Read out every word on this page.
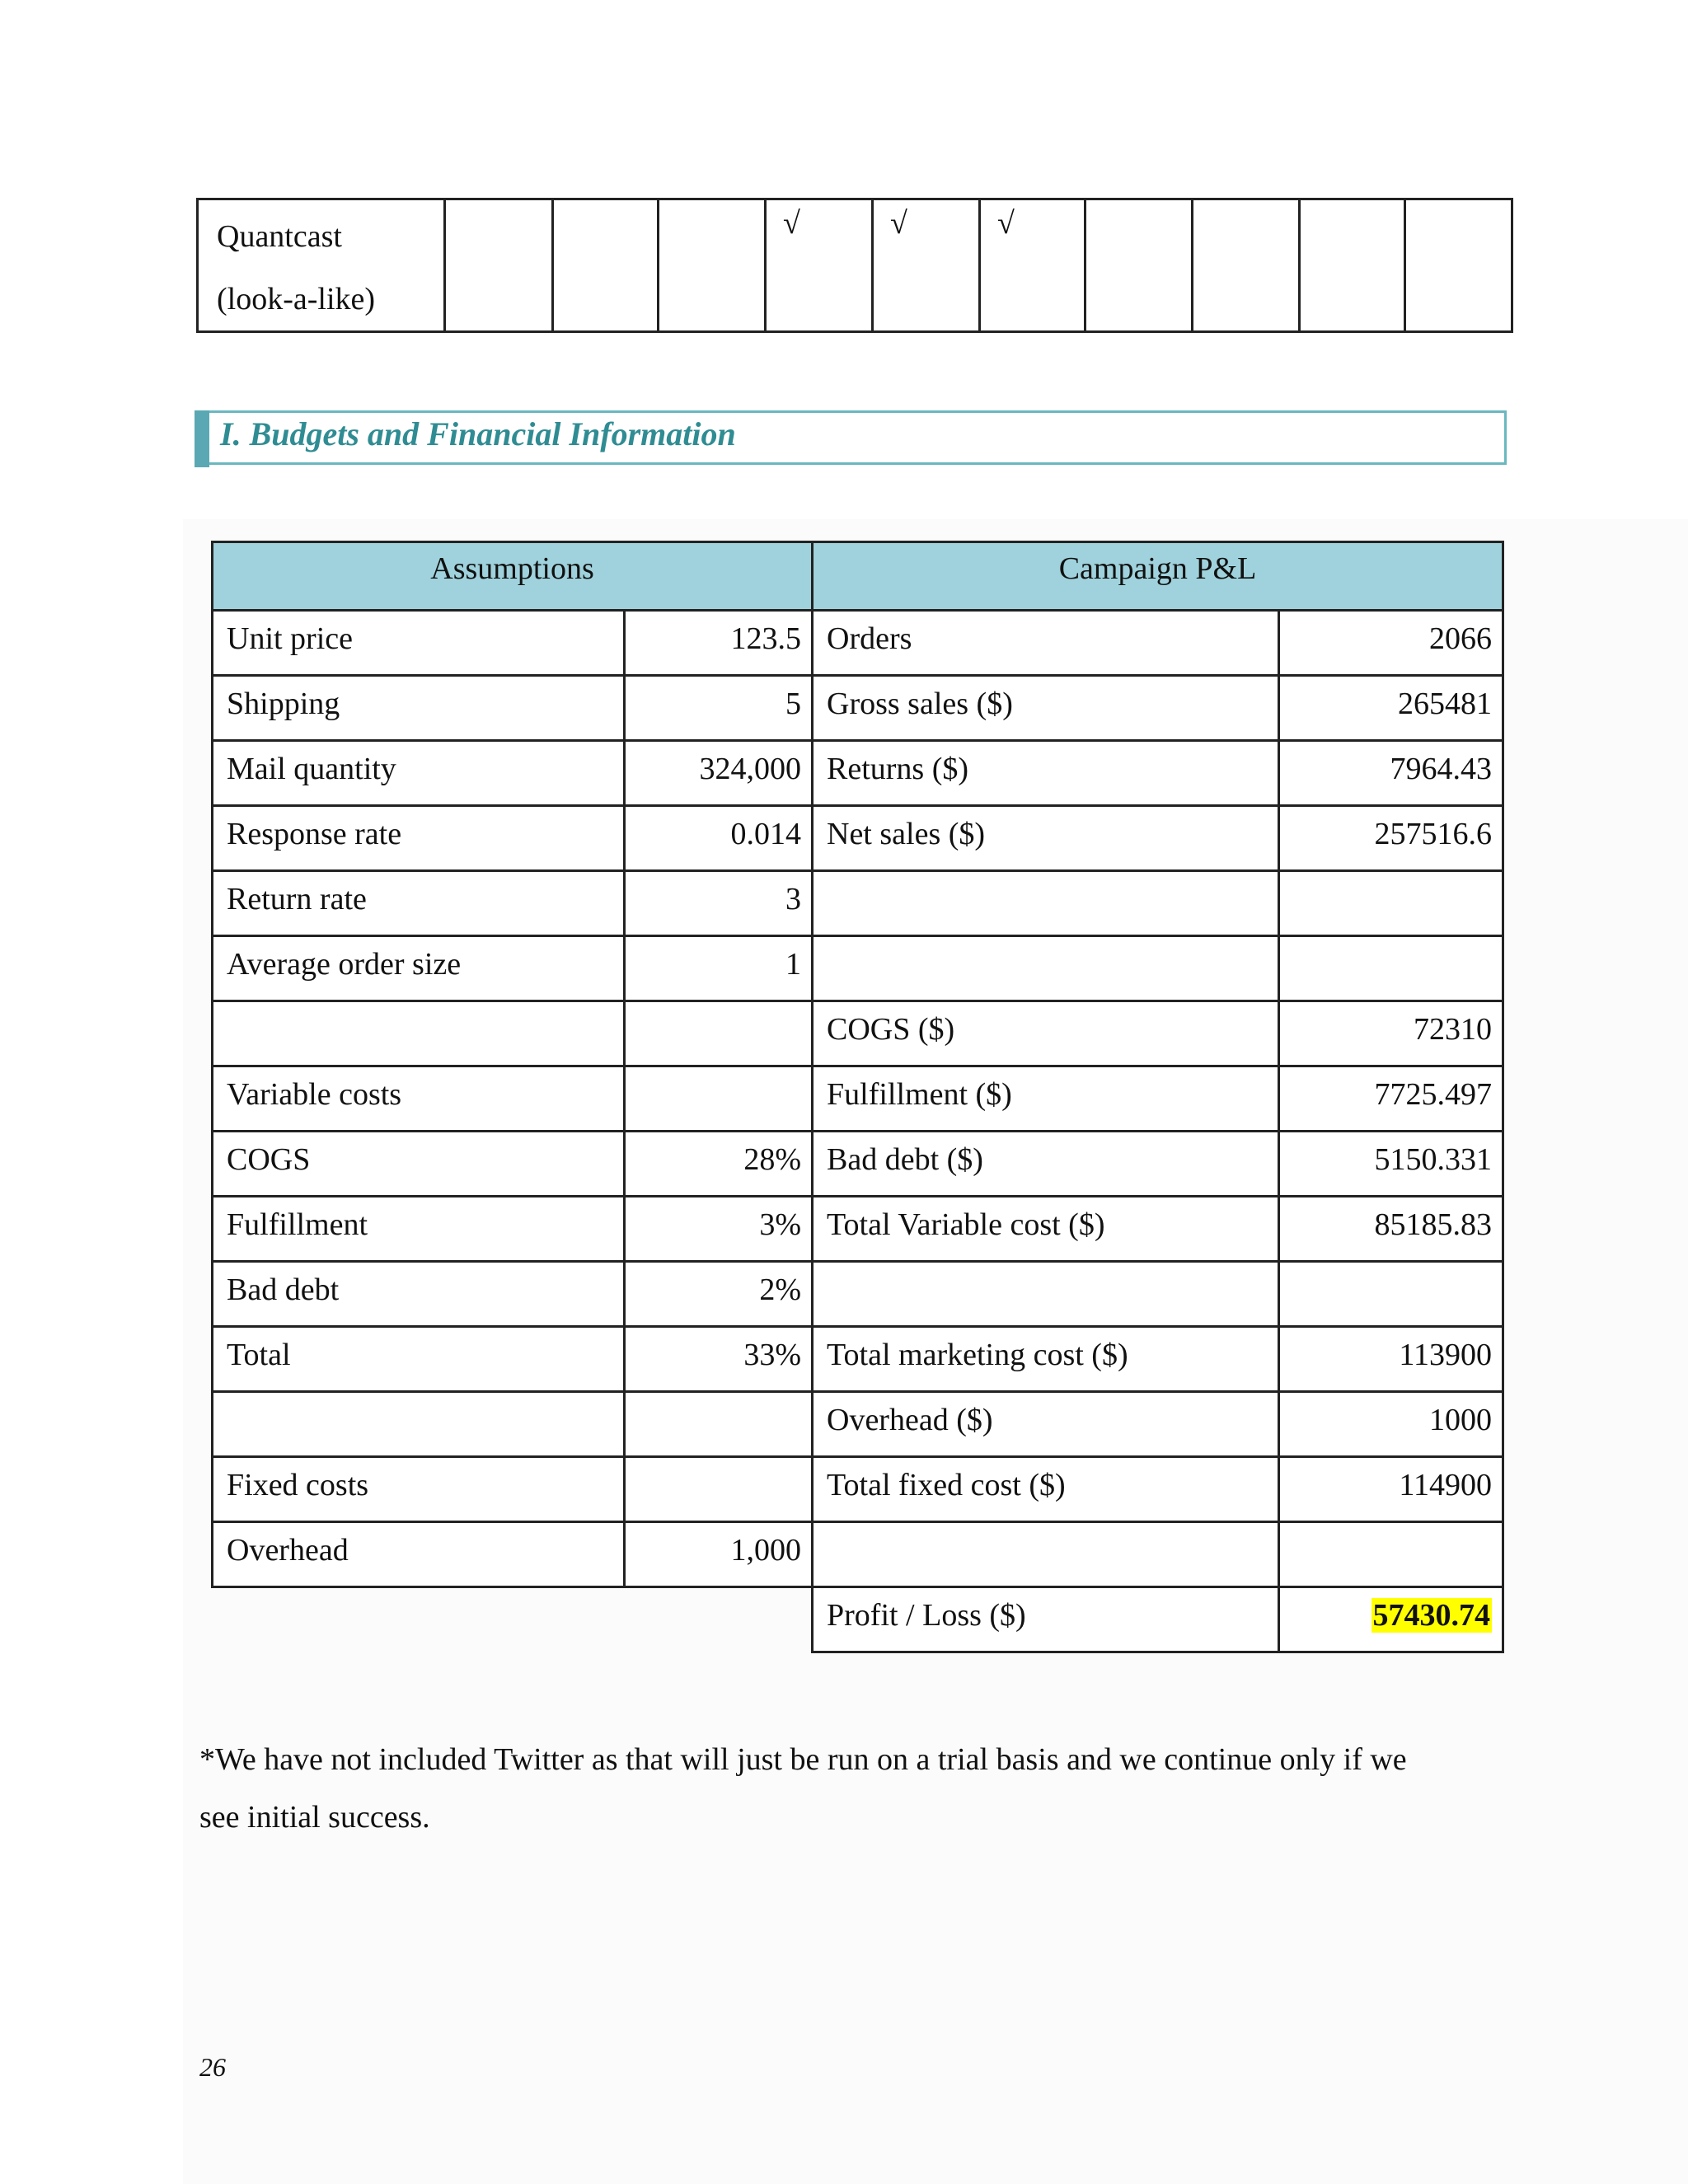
Quantcast
(look-a-like)				√	√	√				
I. Budgets and Financial Information
Assumptions		Campaign P&L	
Unit price	123.5	Orders	2066
Shipping	5	Gross sales ($)	265481
Mail quantity	324,000	Returns ($)	7964.43
Response rate	0.014	Net sales ($)	257516.6
Return rate	3		
Average order size	1		
		COGS ($)	72310
Variable costs		Fulfillment ($)	7725.497
COGS	28%	Bad debt ($)	5150.331
Fulfillment	3%	Total Variable cost ($)	85185.83
Bad debt	2%		
Total	33%	Total marketing cost ($)	113900
		Overhead ($)	1000
Fixed costs		Total fixed cost ($)	114900
Overhead	1,000		
		Profit / Loss ($)	57430.74
*We have not included Twitter as that will just be run on a trial basis and we continue only if we
see initial success.
26
